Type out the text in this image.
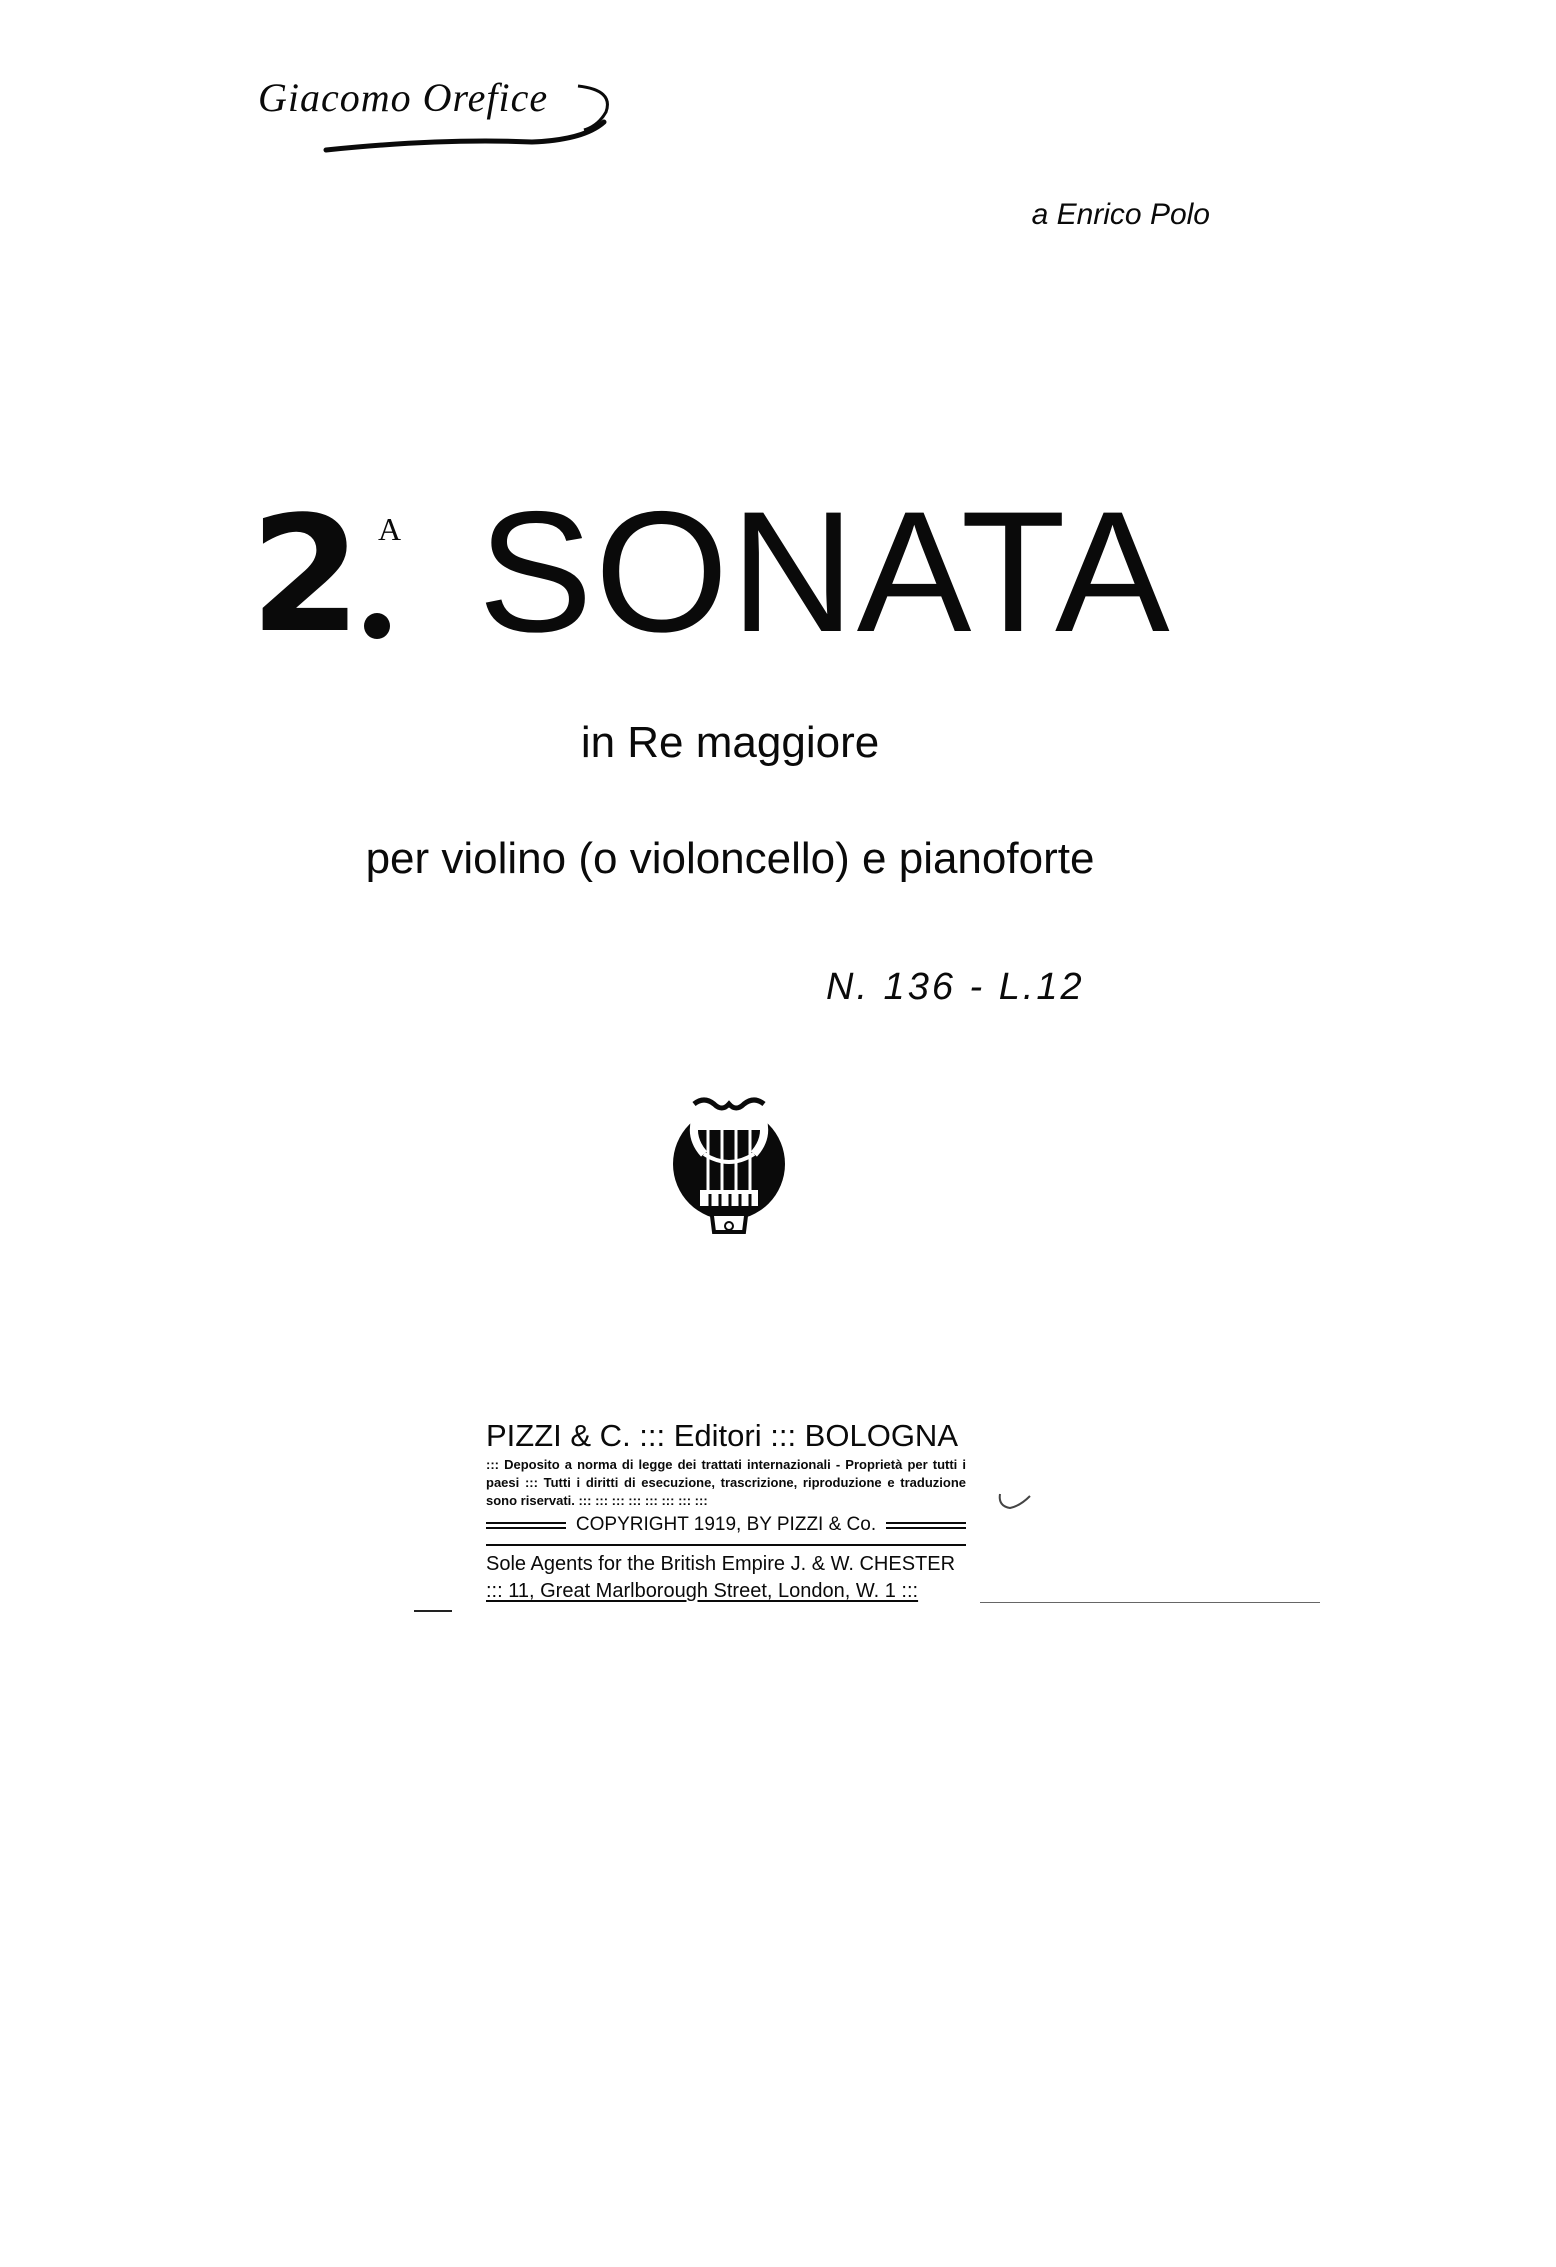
Giacomo Orefice
a Enrico Polo
2 A SONATA
in Re maggiore
per violino (o violoncello) e pianoforte
N. 136 - L.12
PIZZI & C. ::: Editori ::: BOLOGNA
::: Deposito a norma di legge dei trattati internazionali - Proprietà per tutti i paesi ::: Tutti i diritti di esecuzione, trascrizione, riproduzione e traduzione sono riservati. ::: ::: ::: ::: ::: ::: ::: :::
COPYRIGHT 1919, BY PIZZI & Co.
Sole Agents for the British Empire J. & W. CHESTER
::: 11, Great Marlborough Street, London, W. 1 :::
